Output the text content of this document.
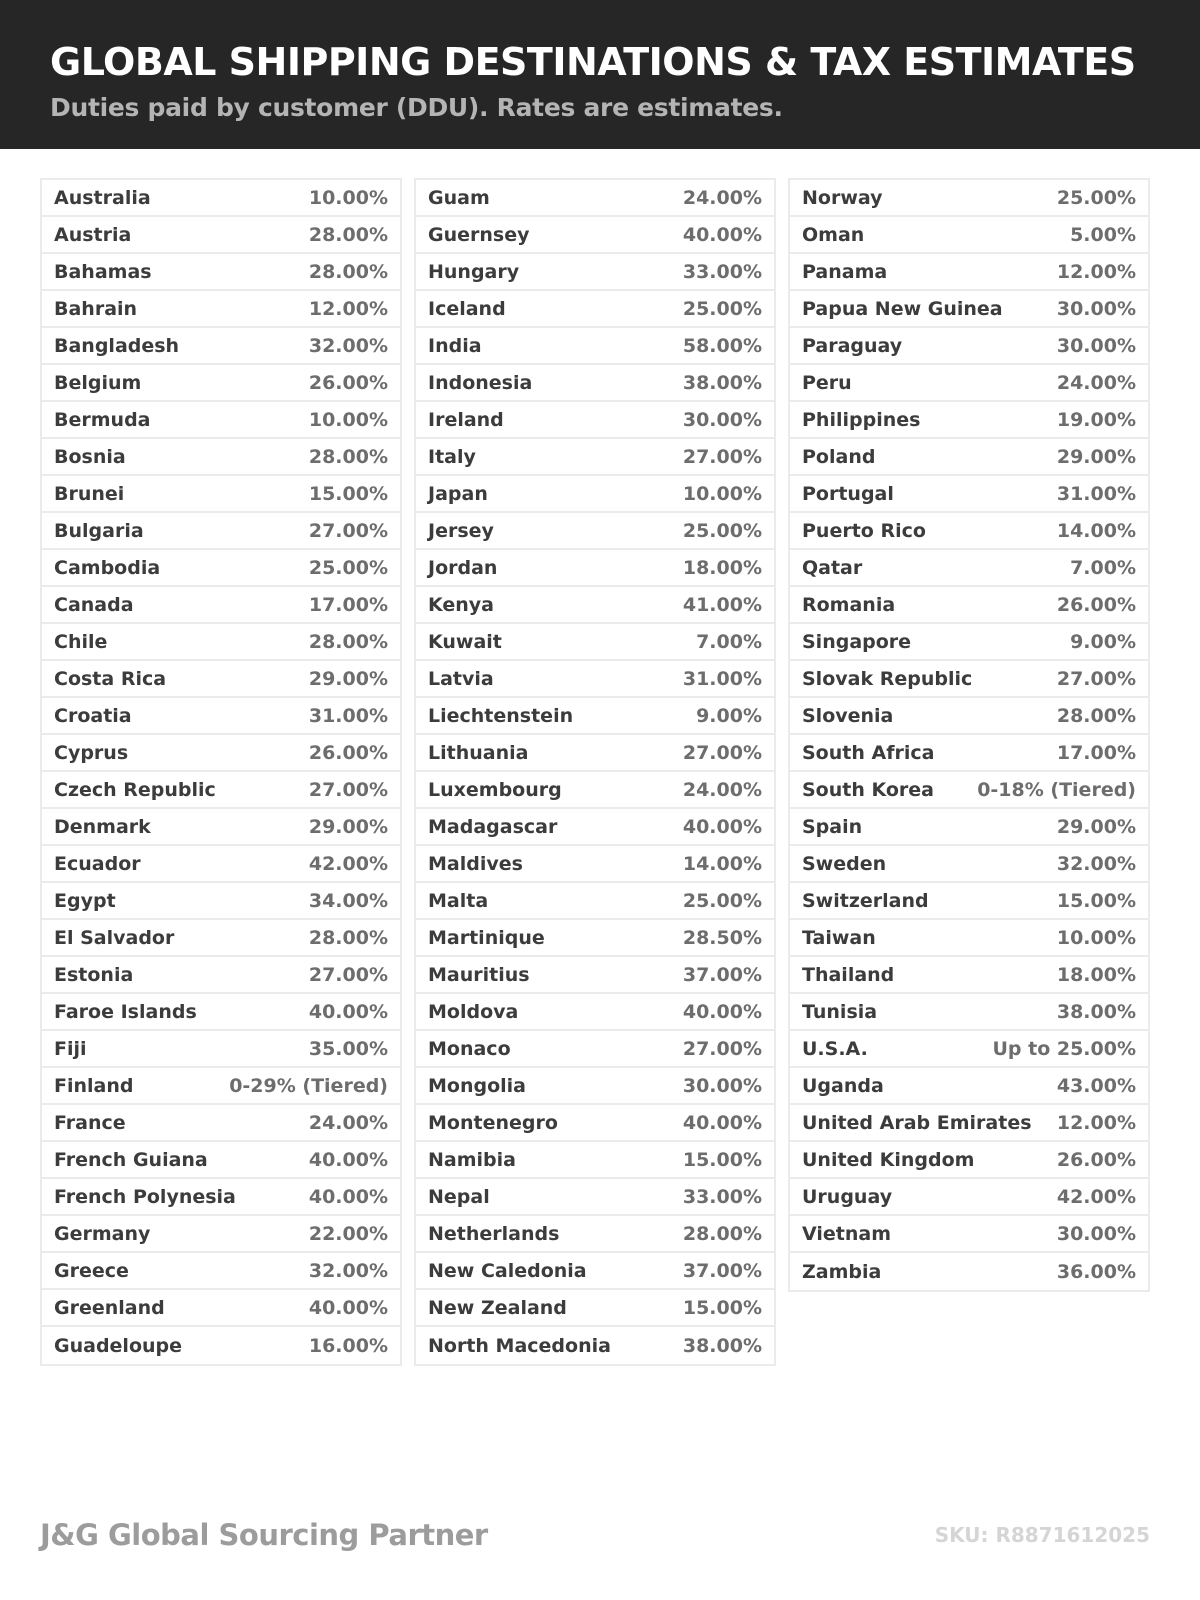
GLOBAL SHIPPING DESTINATIONS & TAX ESTIMATES
Duties paid by customer (DDU). Rates are estimates.
Australia	10.00%
Austria	28.00%
Bahamas	28.00%
Bahrain	12.00%
Bangladesh	32.00%
Belgium	26.00%
Bermuda	10.00%
Bosnia	28.00%
Brunei	15.00%
Bulgaria	27.00%
Cambodia	25.00%
Canada	17.00%
Chile	28.00%
Costa Rica	29.00%
Croatia	31.00%
Cyprus	26.00%
Czech Republic	27.00%
Denmark	29.00%
Ecuador	42.00%
Egypt	34.00%
El Salvador	28.00%
Estonia	27.00%
Faroe Islands	40.00%
Fiji	35.00%
Finland	0-29% (Tiered)
France	24.00%
French Guiana	40.00%
French Polynesia	40.00%
Germany	22.00%
Greece	32.00%
Greenland	40.00%
Guadeloupe	16.00%
Guam	24.00%
Guernsey	40.00%
Hungary	33.00%
Iceland	25.00%
India	58.00%
Indonesia	38.00%
Ireland	30.00%
Italy	27.00%
Japan	10.00%
Jersey	25.00%
Jordan	18.00%
Kenya	41.00%
Kuwait	7.00%
Latvia	31.00%
Liechtenstein	9.00%
Lithuania	27.00%
Luxembourg	24.00%
Madagascar	40.00%
Maldives	14.00%
Malta	25.00%
Martinique	28.50%
Mauritius	37.00%
Moldova	40.00%
Monaco	27.00%
Mongolia	30.00%
Montenegro	40.00%
Namibia	15.00%
Nepal	33.00%
Netherlands	28.00%
New Caledonia	37.00%
New Zealand	15.00%
North Macedonia	38.00%
Norway	25.00%
Oman	5.00%
Panama	12.00%
Papua New Guinea	30.00%
Paraguay	30.00%
Peru	24.00%
Philippines	19.00%
Poland	29.00%
Portugal	31.00%
Puerto Rico	14.00%
Qatar	7.00%
Romania	26.00%
Singapore	9.00%
Slovak Republic	27.00%
Slovenia	28.00%
South Africa	17.00%
South Korea 0-18% (Tiered)
Spain	29.00%
Sweden	32.00%
Switzerland	15.00%
Taiwan	10.00%
Thailand	18.00%
Tunisia	38.00%
U.S.A.	Up to 25.00%
Uganda	43.00%
United Arab Emirates 12.00%
United Kingdom	26.00%
Uruguay	42.00%
Vietnam	30.00%
Zambia	36.00%
J&G Global Sourcing Partner	SKU: R8871612025
